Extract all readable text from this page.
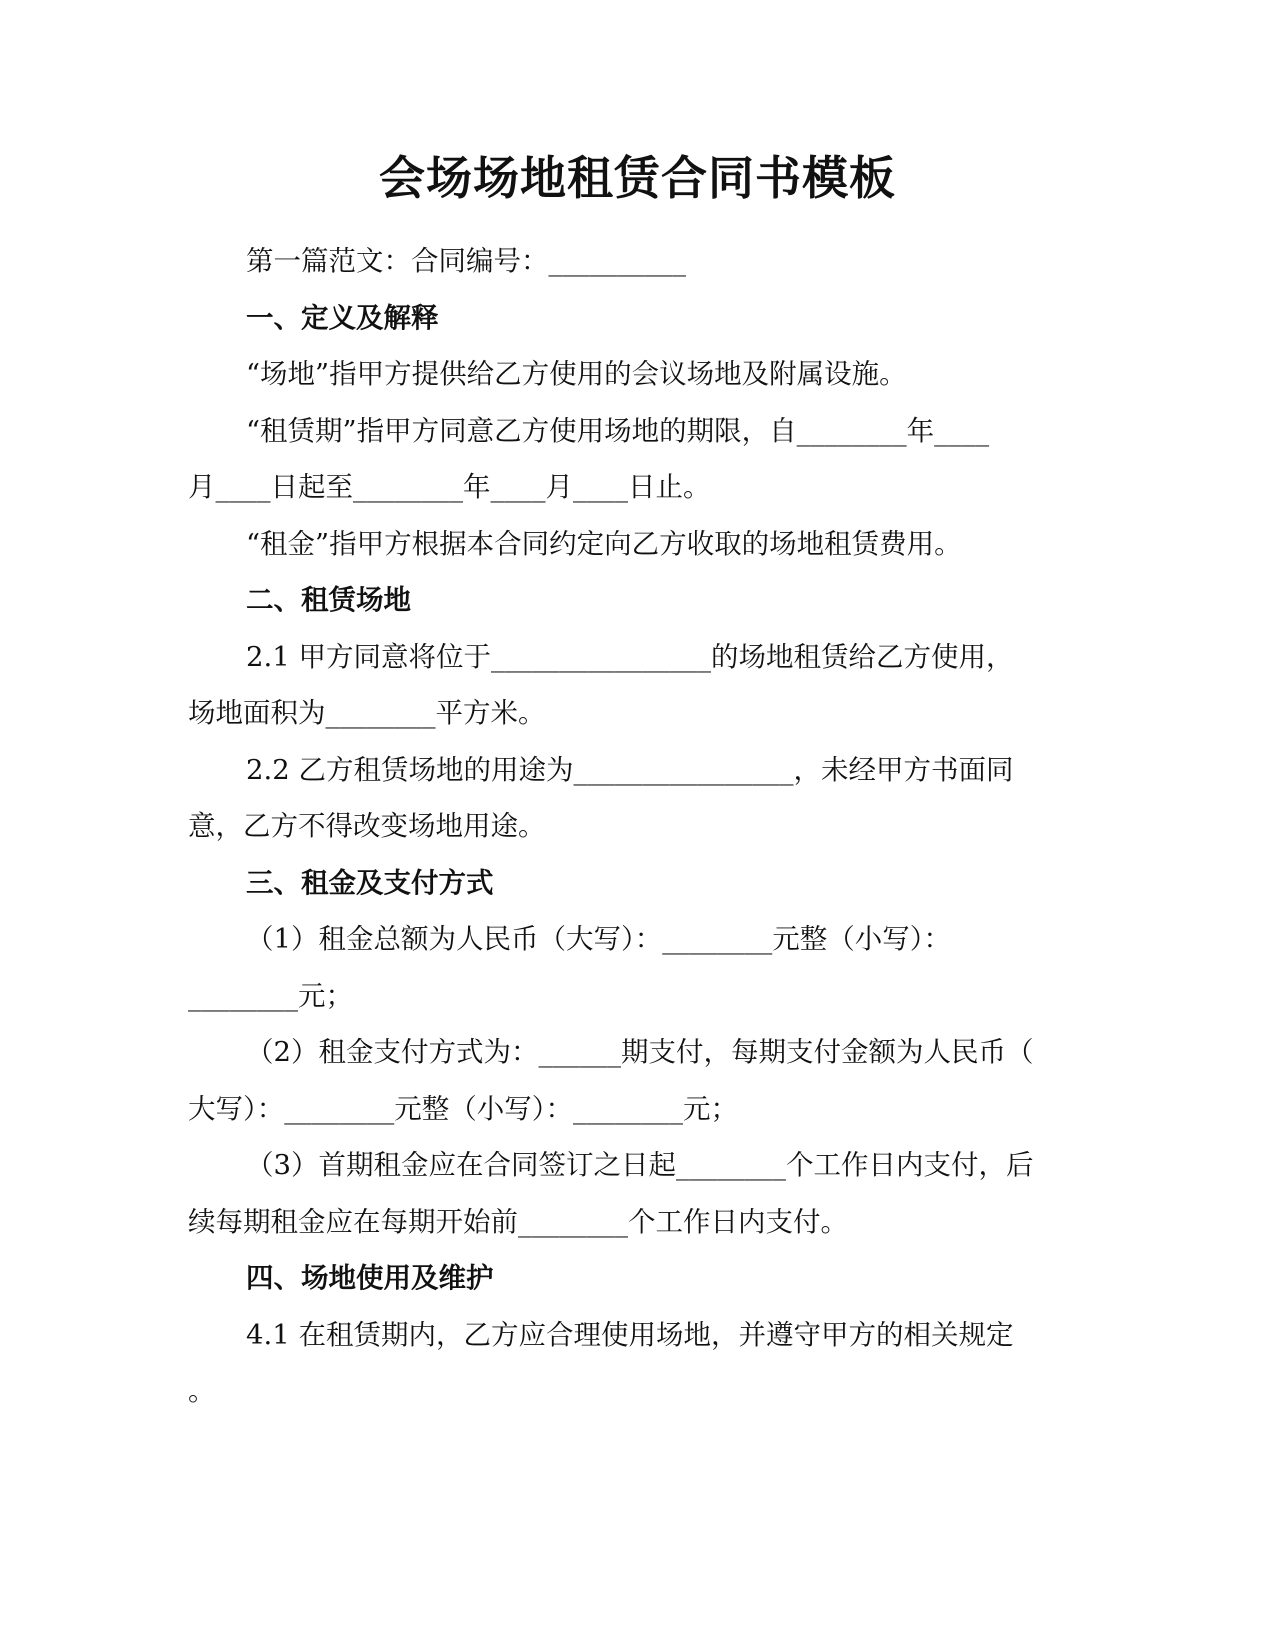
会场场地租赁合同书模板

第一篇范文：合同编号：__________

一、定义及解释

“场地”指甲方提供给乙方使用的会议场地及附属设施。

“租赁期”指甲方同意乙方使用场地的期限，自________年____
月____日起至________年____月____日止。

“租金”指甲方根据本合同约定向乙方收取的场地租赁费用。

二、租赁场地

2.1 甲方同意将位于________________的场地租赁给乙方使用，
场地面积为________平方米。

2.2 乙方租赁场地的用途为________________，未经甲方书面同
意，乙方不得改变场地用途。

三、租金及支付方式

（1）租金总额为人民币（大写）：________元整（小写）：
________元；

（2）租金支付方式为：______期支付，每期支付金额为人民币（
大写）：________元整（小写）：________元；

（3）首期租金应在合同签订之日起________个工作日内支付，后
续每期租金应在每期开始前________个工作日内支付。

四、场地使用及维护

4.1 在租赁期内，乙方应合理使用场地，并遵守甲方的相关规定
。
